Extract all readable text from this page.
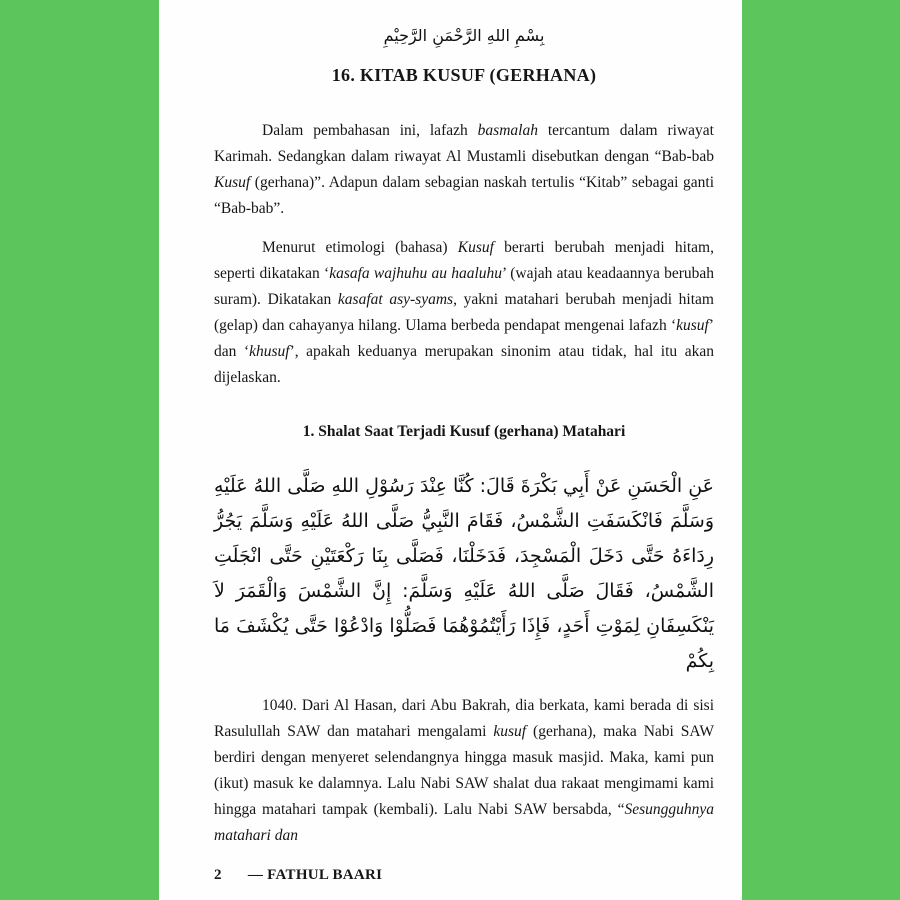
بِسْمِ اللهِ الرَّحْمَنِ الرَّحِيْمِ
16. KITAB KUSUF (GERHANA)

Dalam pembahasan ini, lafazh basmalah tercantum dalam riwayat Karimah. Sedangkan dalam riwayat Al Mustamli disebutkan dengan “Bab-bab Kusuf (gerhana)”. Adapun dalam sebagian naskah tertulis “Kitab” sebagai ganti “Bab-bab”.

Menurut etimologi (bahasa) Kusuf berarti berubah menjadi hitam, seperti dikatakan ‘kasafa wajhuhu au haaluhu’ (wajah atau keadaannya berubah suram). Dikatakan kasafat asy-syams, yakni matahari berubah menjadi hitam (gelap) dan cahayanya hilang. Ulama berbeda pendapat mengenai lafazh ‘kusuf’ dan ‘khusuf’, apakah keduanya merupakan sinonim atau tidak, hal itu akan dijelaskan.

1. Shalat Saat Terjadi Kusuf (gerhana) Matahari
عَنِ الْحَسَنِ عَنْ أَبِي بَكْرَةَ قَالَ: كُنَّا عِنْدَ رَسُوْلِ اللهِ صَلَّى اللهُ عَلَيْهِ وَسَلَّمَ فَانْكَسَفَتِ الشَّمْسُ، فَقَامَ النَّبِيُّ صَلَّى اللهُ عَلَيْهِ وَسَلَّمَ يَجُرُّ رِدَاءَهُ حَتَّى دَخَلَ الْمَسْجِدَ، فَدَخَلْنَا، فَصَلَّى بِنَا رَكْعَتَيْنِ حَتَّى انْجَلَتِ الشَّمْسُ، فَقَالَ صَلَّى اللهُ عَلَيْهِ وَسَلَّمَ: إِنَّ الشَّمْسَ وَالْقَمَرَ لاَ يَنْكَسِفَانِ لِمَوْتِ أَحَدٍ، فَإِذَا رَأَيْتُمُوْهُمَا فَصَلُّوْا وَادْعُوْا حَتَّى يُكْشَفَ مَا بِكُمْ

1040. Dari Al Hasan, dari Abu Bakrah, dia berkata, kami berada di sisi Rasulullah SAW dan matahari mengalami kusuf (gerhana), maka Nabi SAW berdiri dengan menyeret selendangnya hingga masuk masjid. Maka, kami pun (ikut) masuk ke dalamnya. Lalu Nabi SAW shalat dua rakaat mengimami kami hingga matahari tampak (kembali). Lalu Nabi SAW bersabda, “Sesungguhnya matahari dan

2 — FATHUL BAARI
